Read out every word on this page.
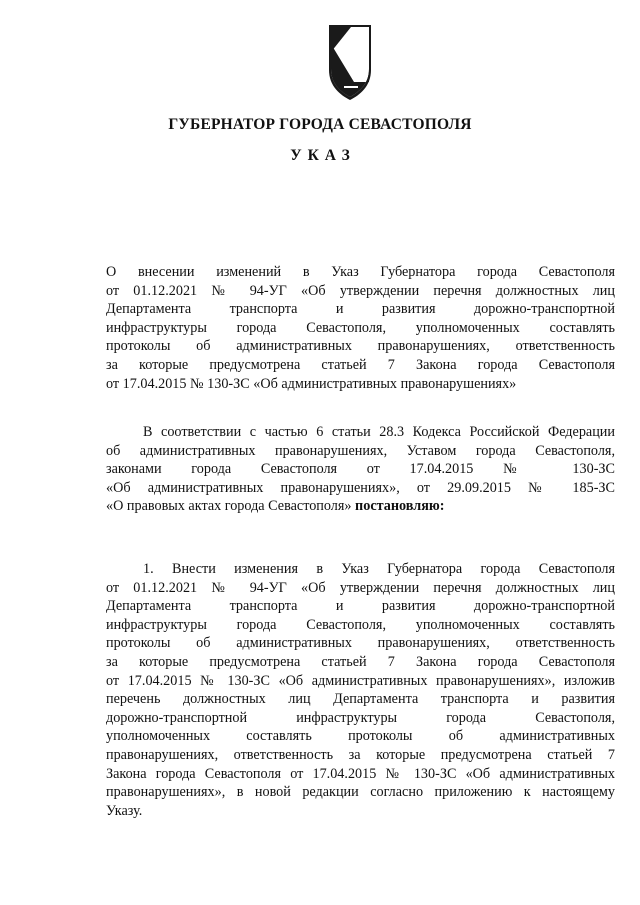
ГУБЕРНАТОР ГОРОДА СЕВАСТОПОЛЯ
УКАЗ
О внесении изменений в Указ Губернатора города Севастополя
от 01.12.2021 № 94-УГ «Об утверждении перечня должностных лиц
Департамента транспорта и развития дорожно-транспортной
инфраструктуры города Севастополя, уполномоченных составлять
протоколы об административных правонарушениях, ответственность
за которые предусмотрена статьей 7 Закона города Севастополя
от 17.04.2015 № 130-ЗС «Об административных правонарушениях»
В соответствии с частью 6 статьи 28.3 Кодекса Российской Федерации
об административных правонарушениях, Уставом города Севастополя,
законами города Севастополя от 17.04.2015 № 130-ЗС
«Об административных правонарушениях», от 29.09.2015 № 185-ЗС
«О правовых актах города Севастополя» постановляю:
1. Внести изменения в Указ Губернатора города Севастополя
от 01.12.2021 № 94-УГ «Об утверждении перечня должностных лиц
Департамента транспорта и развития дорожно-транспортной
инфраструктуры города Севастополя, уполномоченных составлять
протоколы об административных правонарушениях, ответственность
за которые предусмотрена статьей 7 Закона города Севастополя
от 17.04.2015 № 130-ЗС «Об административных правонарушениях», изложив
перечень должностных лиц Департамента транспорта и развития
дорожно-транспортной инфраструктуры города Севастополя,
уполномоченных составлять протоколы об административных
правонарушениях, ответственность за которые предусмотрена статьей 7
Закона города Севастополя от 17.04.2015 № 130-ЗС «Об административных
правонарушениях», в новой редакции согласно приложению к настоящему
Указу.
